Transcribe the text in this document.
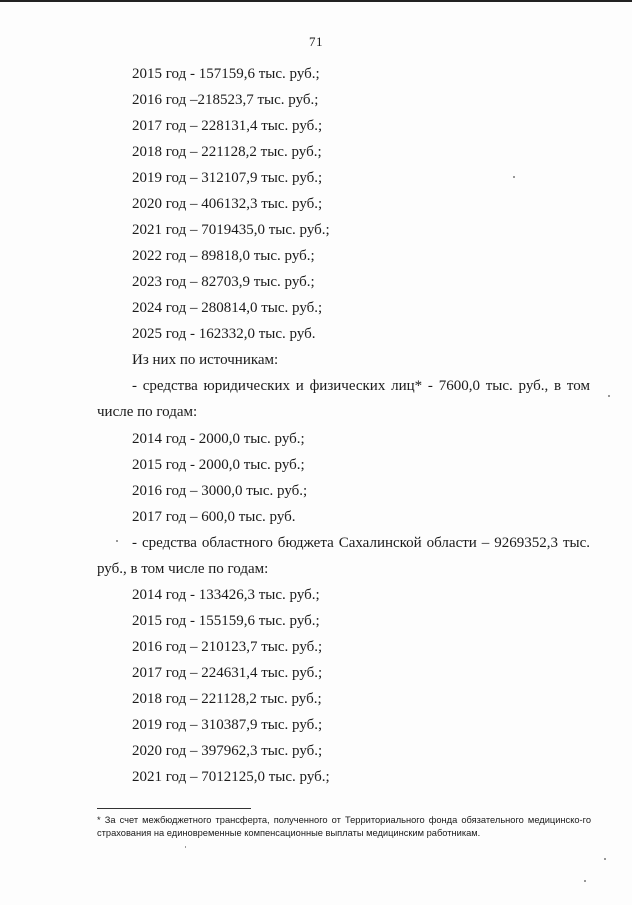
71
2015 год - 157159,6 тыс. руб.;
2016 год –218523,7 тыс. руб.;
2017 год – 228131,4 тыс. руб.;
2018 год – 221128,2 тыс. руб.;
2019 год – 312107,9 тыс. руб.;
2020 год – 406132,3 тыс. руб.;
2021 год – 7019435,0 тыс. руб.;
2022 год – 89818,0 тыс. руб.;
2023 год – 82703,9 тыс. руб.;
2024 год – 280814,0 тыс. руб.;
2025 год - 162332,0 тыс. руб.
Из них по источникам:
- средства юридических и физических лиц* - 7600,0 тыс. руб., в том
числе по годам:
2014 год - 2000,0 тыс. руб.;
2015 год - 2000,0 тыс. руб.;
2016 год – 3000,0 тыс. руб.;
2017 год – 600,0 тыс. руб.
- средства областного бюджета Сахалинской области – 9269352,3 тыс.
руб., в том числе по годам:
2014 год - 133426,3 тыс. руб.;
2015 год - 155159,6 тыс. руб.;
2016 год – 210123,7 тыс. руб.;
2017 год – 224631,4 тыс. руб.;
2018 год – 221128,2 тыс. руб.;
2019 год – 310387,9 тыс. руб.;
2020 год – 397962,3 тыс. руб.;
2021 год – 7012125,0 тыс. руб.;
* За счет межбюджетного трансферта, полученного от Территориального фонда обязательного медицинско-го страхования на единовременные компенсационные выплаты медицинским работникам.
